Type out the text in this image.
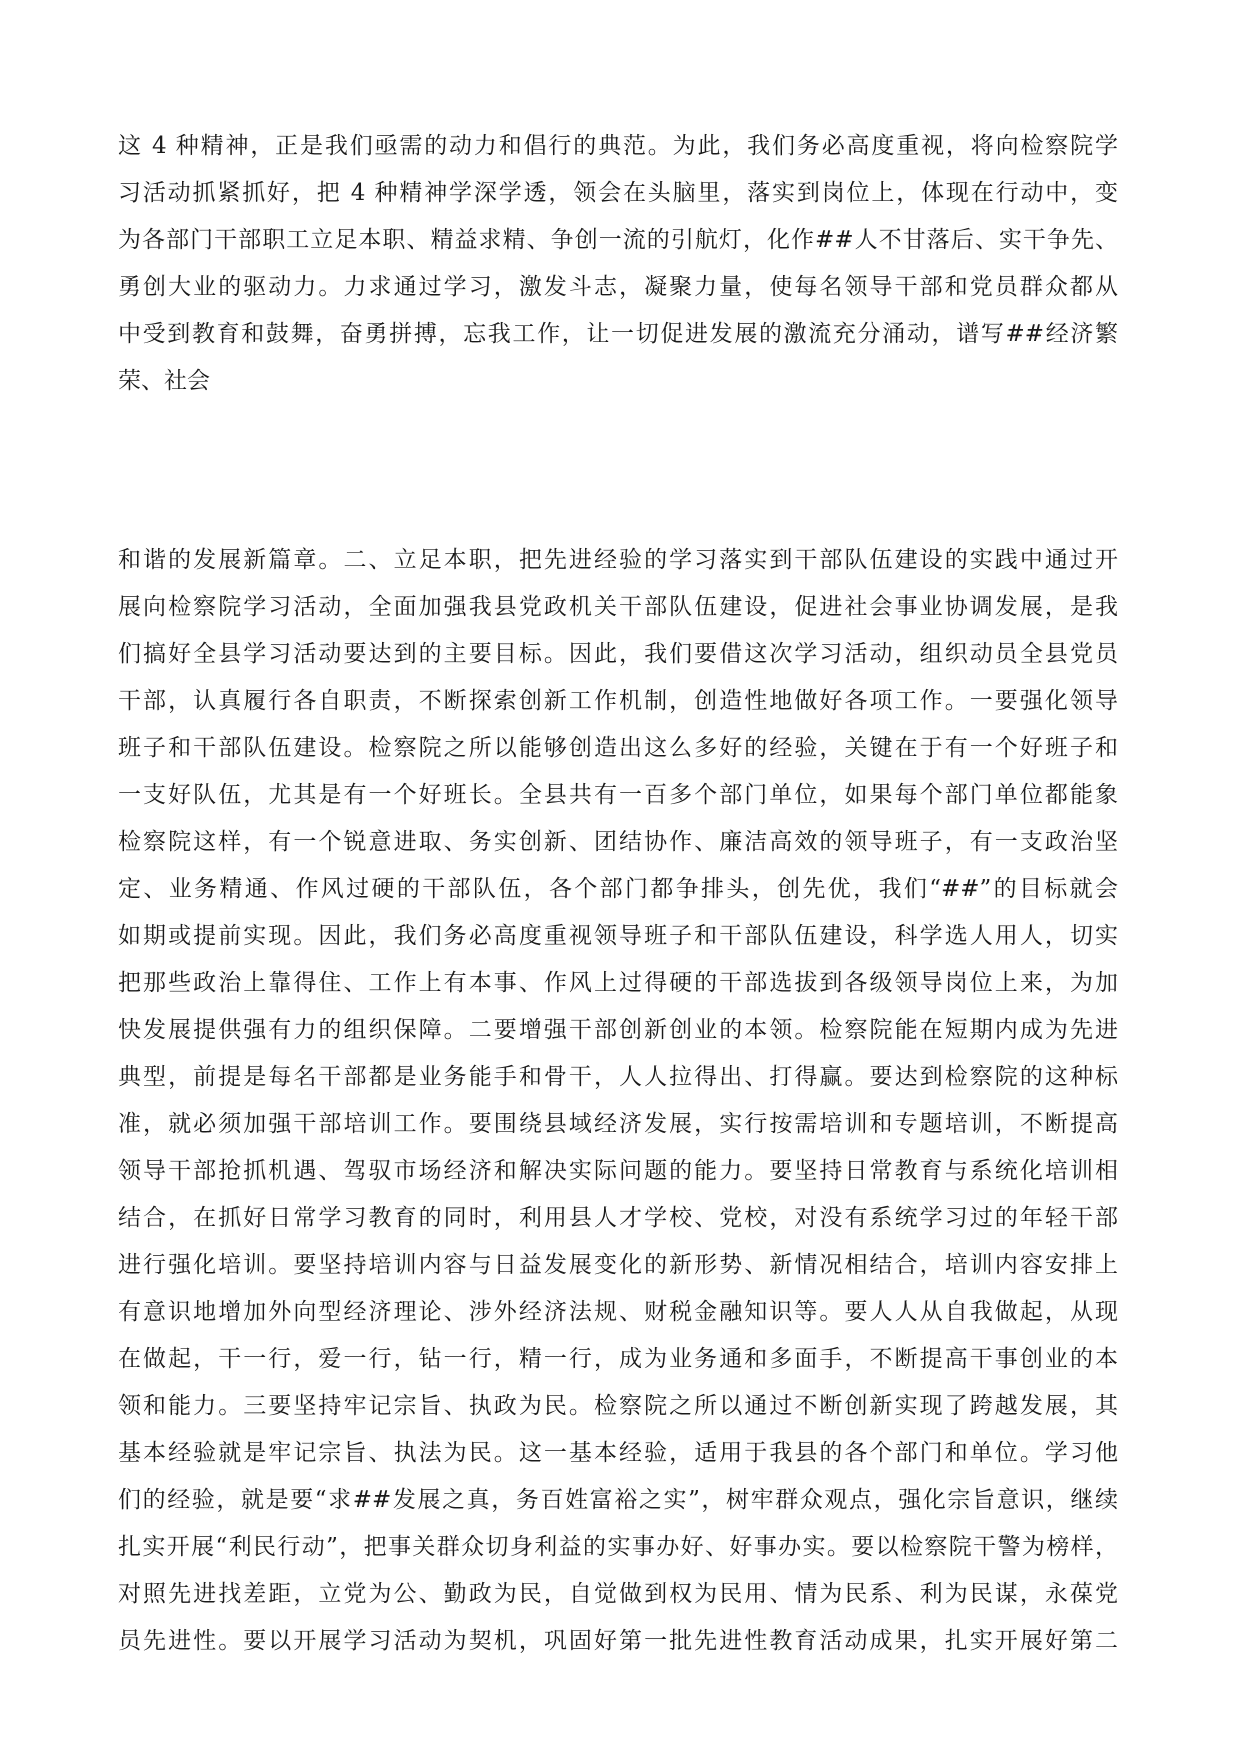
这 4 种精神，正是我们亟需的动力和倡行的典范。为此，我们务必高度重视，将向检察院学
习活动抓紧抓好，把 4 种精神学深学透，领会在头脑里，落实到岗位上，体现在行动中，变
为各部门干部职工立足本职、精益求精、争创一流的引航灯，化作##人不甘落后、实干争先、
勇创大业的驱动力。力求通过学习，激发斗志，凝聚力量，使每名领导干部和党员群众都从
中受到教育和鼓舞，奋勇拼搏，忘我工作，让一切促进发展的激流充分涌动，谱写##经济繁
荣、社会
和谐的发展新篇章。二、立足本职，把先进经验的学习落实到干部队伍建设的实践中通过开
展向检察院学习活动，全面加强我县党政机关干部队伍建设，促进社会事业协调发展，是我
们搞好全县学习活动要达到的主要目标。因此，我们要借这次学习活动，组织动员全县党员
干部，认真履行各自职责，不断探索创新工作机制，创造性地做好各项工作。一要强化领导
班子和干部队伍建设。检察院之所以能够创造出这么多好的经验，关键在于有一个好班子和
一支好队伍，尤其是有一个好班长。全县共有一百多个部门单位，如果每个部门单位都能象
检察院这样，有一个锐意进取、务实创新、团结协作、廉洁高效的领导班子，有一支政治坚
定、业务精通、作风过硬的干部队伍，各个部门都争排头，创先优，我们“##”的目标就会
如期或提前实现。因此，我们务必高度重视领导班子和干部队伍建设，科学选人用人，切实
把那些政治上靠得住、工作上有本事、作风上过得硬的干部选拔到各级领导岗位上来，为加
快发展提供强有力的组织保障。二要增强干部创新创业的本领。检察院能在短期内成为先进
典型，前提是每名干部都是业务能手和骨干，人人拉得出、打得赢。要达到检察院的这种标
准，就必须加强干部培训工作。要围绕县域经济发展，实行按需培训和专题培训，不断提高
领导干部抢抓机遇、驾驭市场经济和解决实际问题的能力。要坚持日常教育与系统化培训相
结合，在抓好日常学习教育的同时，利用县人才学校、党校，对没有系统学习过的年轻干部
进行强化培训。要坚持培训内容与日益发展变化的新形势、新情况相结合，培训内容安排上
有意识地增加外向型经济理论、涉外经济法规、财税金融知识等。要人人从自我做起，从现
在做起，干一行，爱一行，钻一行，精一行，成为业务通和多面手，不断提高干事创业的本
领和能力。三要坚持牢记宗旨、执政为民。检察院之所以通过不断创新实现了跨越发展，其
基本经验就是牢记宗旨、执法为民。这一基本经验，适用于我县的各个部门和单位。学习他
们的经验，就是要“求##发展之真，务百姓富裕之实”，树牢群众观点，强化宗旨意识，继续
扎实开展“利民行动”，把事关群众切身利益的实事办好、好事办实。要以检察院干警为榜样，
对照先进找差距，立党为公、勤政为民，自觉做到权为民用、情为民系、利为民谋，永葆党
员先进性。要以开展学习活动为契机，巩固好第一批先进性教育活动成果，扎实开展好第二
